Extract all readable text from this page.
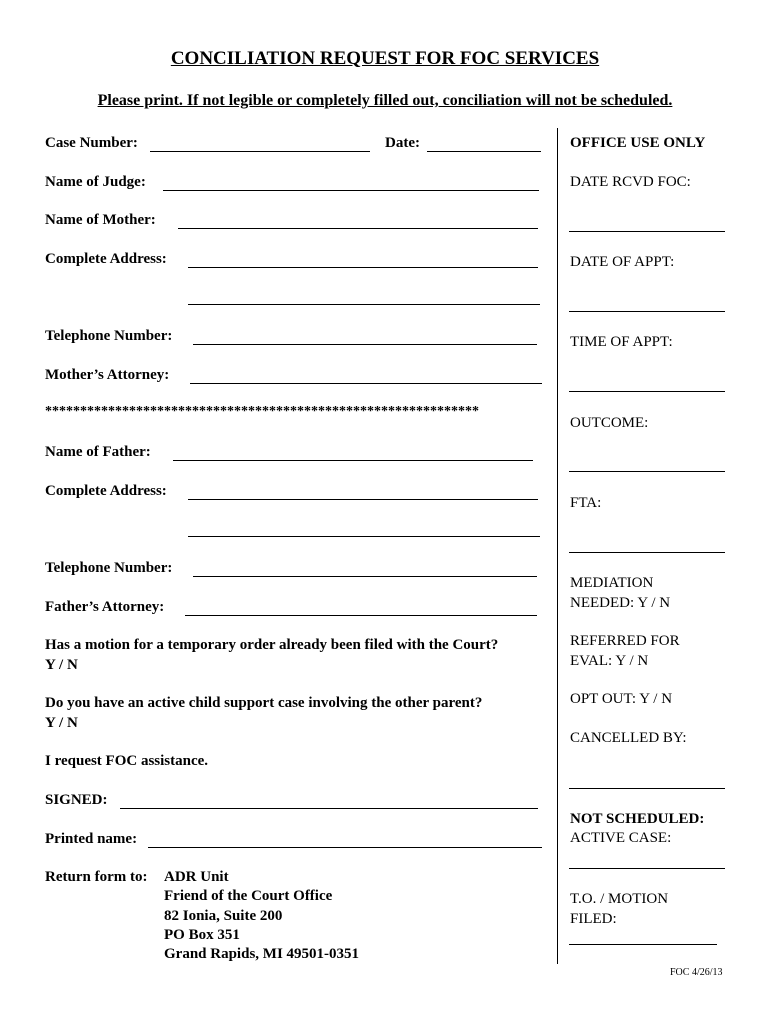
CONCILIATION REQUEST FOR FOC SERVICES
Please print. If not legible or completely filled out, conciliation will not be scheduled.
Case Number:	Date:
Name of Judge:
Name of Mother:
Complete Address:
Telephone Number:
Mother’s Attorney:
**************************************************************
Name of Father:
Complete Address:
Telephone Number:
Father’s Attorney:
Has a motion for a temporary order already been filed with the Court?
Y / N
Do you have an active child support case involving the other parent?
Y / N
I request FOC assistance.
SIGNED:
Printed name:
Return form to: ADR Unit
Friend of the Court Office
82 Ionia, Suite 200
PO Box 351
Grand Rapids, MI 49501-0351
OFFICE USE ONLY
DATE RCVD FOC:
DATE OF APPT:
TIME OF APPT:
OUTCOME:
FTA:
MEDIATION
NEEDED: Y / N
REFERRED FOR
EVAL: Y / N
OPT OUT: Y / N
CANCELLED BY:
NOT SCHEDULED:
ACTIVE CASE:
T.O. / MOTION
FILED:
FOC 4/26/13
